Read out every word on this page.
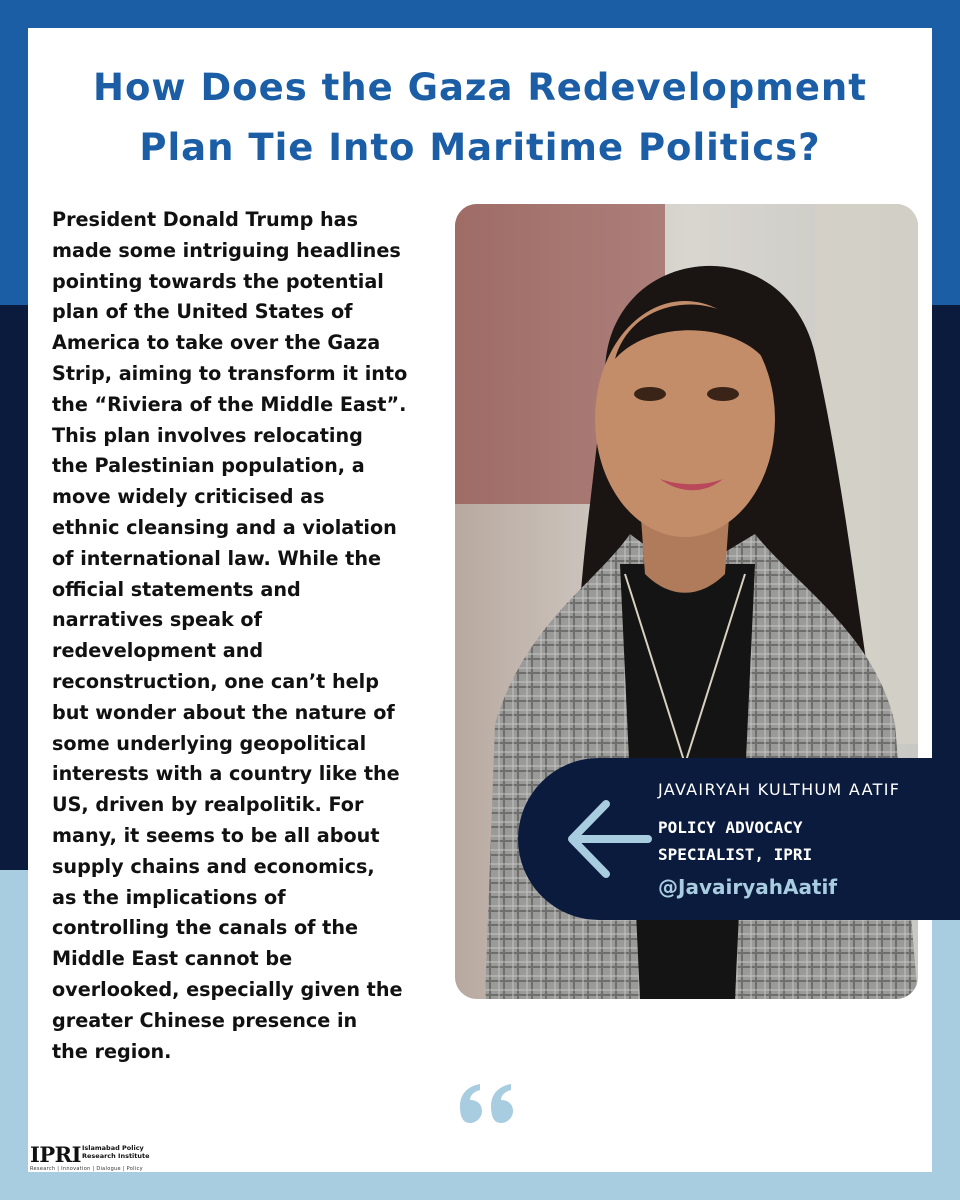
How Does the Gaza Redevelopment
Plan Tie Into Maritime Politics?
President Donald Trump has
made some intriguing headlines
pointing towards the potential
plan of the United States of
America to take over the Gaza
Strip, aiming to transform it into
the “Riviera of the Middle East”.
This plan involves relocating
the Palestinian population, a
move widely criticised as
ethnic cleansing and a violation
of international law. While the
official statements and
narratives speak of
redevelopment and
reconstruction, one can’t help
but wonder about the nature of
some underlying geopolitical
interests with a country like the
US, driven by realpolitik. For
many, it seems to be all about
supply chains and economics,
as the implications of
controlling the canals of the
Middle East cannot be
overlooked, especially given the
greater Chinese presence in
the region.

JAVAIRYAH KULTHUM AATIF

POLICY ADVOCACY
SPECIALIST, IPRI

@JavairyahAatif

IPRI Islamabad Policy
Research Institute

Research | Innovation | Dialogue | Policy
